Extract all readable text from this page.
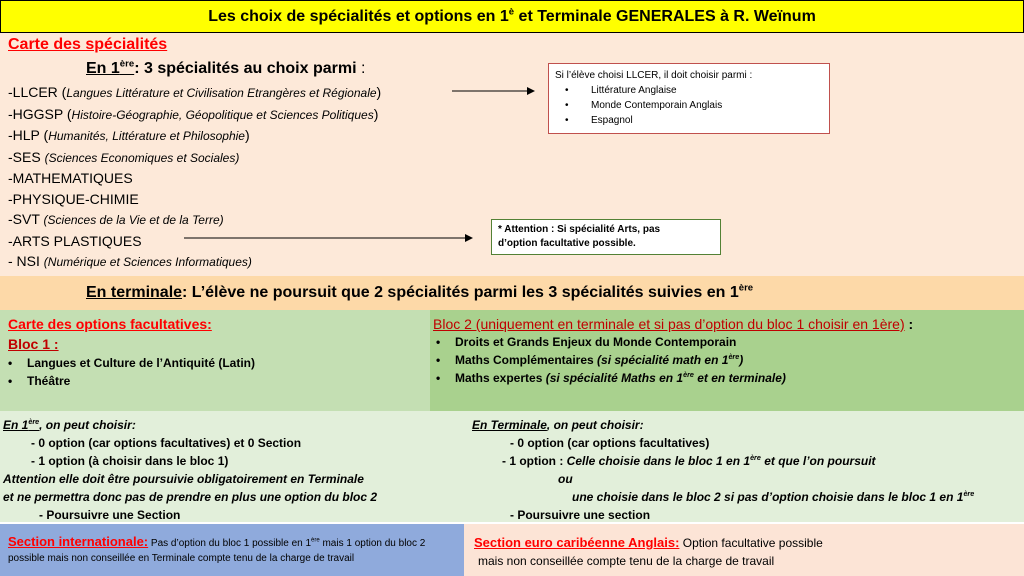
En terminale: L’élève ne poursuit que 2 spécialités parmi les 3 spécialités suivies en 1ère
Les choix de spécialités et options en $1^è$ et Terminale GENERALES à R. Weïnum
Carte des spécialités
En 1ère: 3 spécialités au choix parmi :
-LLCER (Langues Littérature et Civilisation Etrangères et Régionale)
-HGGSP (Histoire-Géographie, Géopolitique et Sciences Politiques)
-HLP (Humanités, Littérature et Philosophie)
-SES (Sciences Economiques et Sociales)
-MATHEMATIQUES
-PHYSIQUE-CHIMIE
-SVT (Sciences de la Vie et de la Terre)
-ARTS PLASTIQUES
- NSI (Numérique et Sciences Informatiques)
Si l’élève choisi LLCER, il doit choisir parmi :
• Littérature Anglaise
• Monde Contemporain Anglais
• Espagnol
* Attention : Si spécialité Arts, pas
d’option facultative possible.
Carte des options facultatives:
Bloc 1 :
• Langues et Culture de l’Antiquité (Latin)
• Théâtre
Bloc 2 (uniquement en terminale et si pas d’option du bloc 1 choisir en 1ère) :
• Droits et Grands Enjeux du Monde Contemporain
• Maths Complémentaires (si spécialité math en 1ère)
• Maths expertes (si spécialité Maths en 1ère et en terminale)
En 1ère, on peut choisir:
- 0 option (car options facultatives) et 0 Section
- 1 option (à choisir dans le bloc 1)
Attention elle doit être poursuivie obligatoirement en Terminale
et ne permettra donc pas de prendre en plus une option du bloc 2
- Poursuivre une Section
En Terminale, on peut choisir:
- 0 option (car options facultatives)
- 1 option : Celle choisie dans le bloc 1 en 1ère et que l’on poursuit
ou
une choisie dans le bloc 2 si pas d’option choisie dans le bloc 1 en 1ère
- Poursuivre une section
Section internationale: Pas d’option du bloc 1 possible en 1ère mais 1 option du bloc 2 possible mais non conseillée en Terminale compte tenu de la charge de travail
Section euro caribéenne Anglais: Option facultative possible
mais non conseillée compte tenu de la charge de travail
